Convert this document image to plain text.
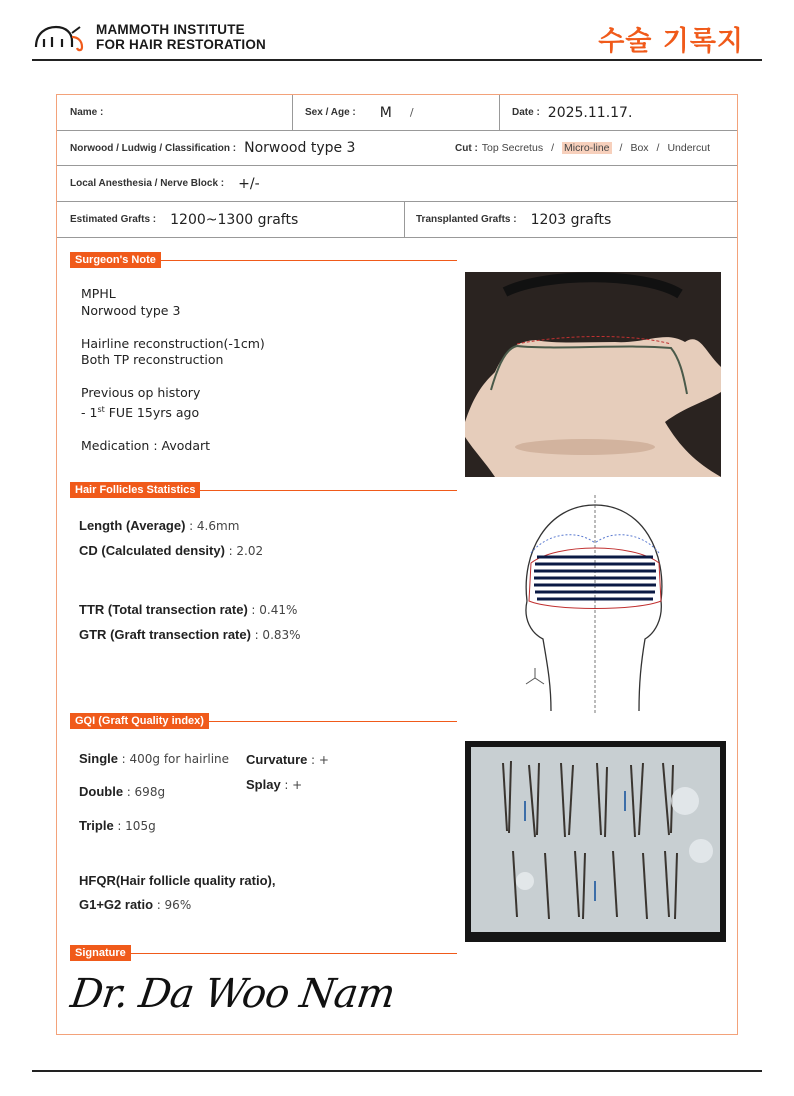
MAMMOTH INSTITUTE
FOR HAIR RESTORATION	수술 기록지
Name :	Sex / Age : M /	Date : 2025.11.17.
Norwood / Ludwig / Classification : Norwood type 3	Cut : Top Secretus / Micro-line / Box / Undercut
Local Anesthesia / Nerve Block : +/-
Estimated Grafts : 1200~1300 grafts	Transplanted Grafts : 1203 grafts
Surgeon's Note
MPHL
Norwood type 3
Hairline reconstruction(-1cm)
Both TP reconstruction
Previous op history
- 1st FUE 15yrs ago
Medication : Avodart
Hair Follicles Statistics
Length (Average) : 4.6mm
CD (Calculated density) : 2.02
TTR (Total transection rate) : 0.41%
GTR (Graft transection rate) : 0.83%
GQI (Graft Quality index)
Single : 400g for hairline
Double : 698g
Triple : 105g
Curvature : +
Splay : +
HFQR(Hair follicle quality ratio),
G1+G2 ratio : 96%
Signature
Dr. Da Woo Nam
